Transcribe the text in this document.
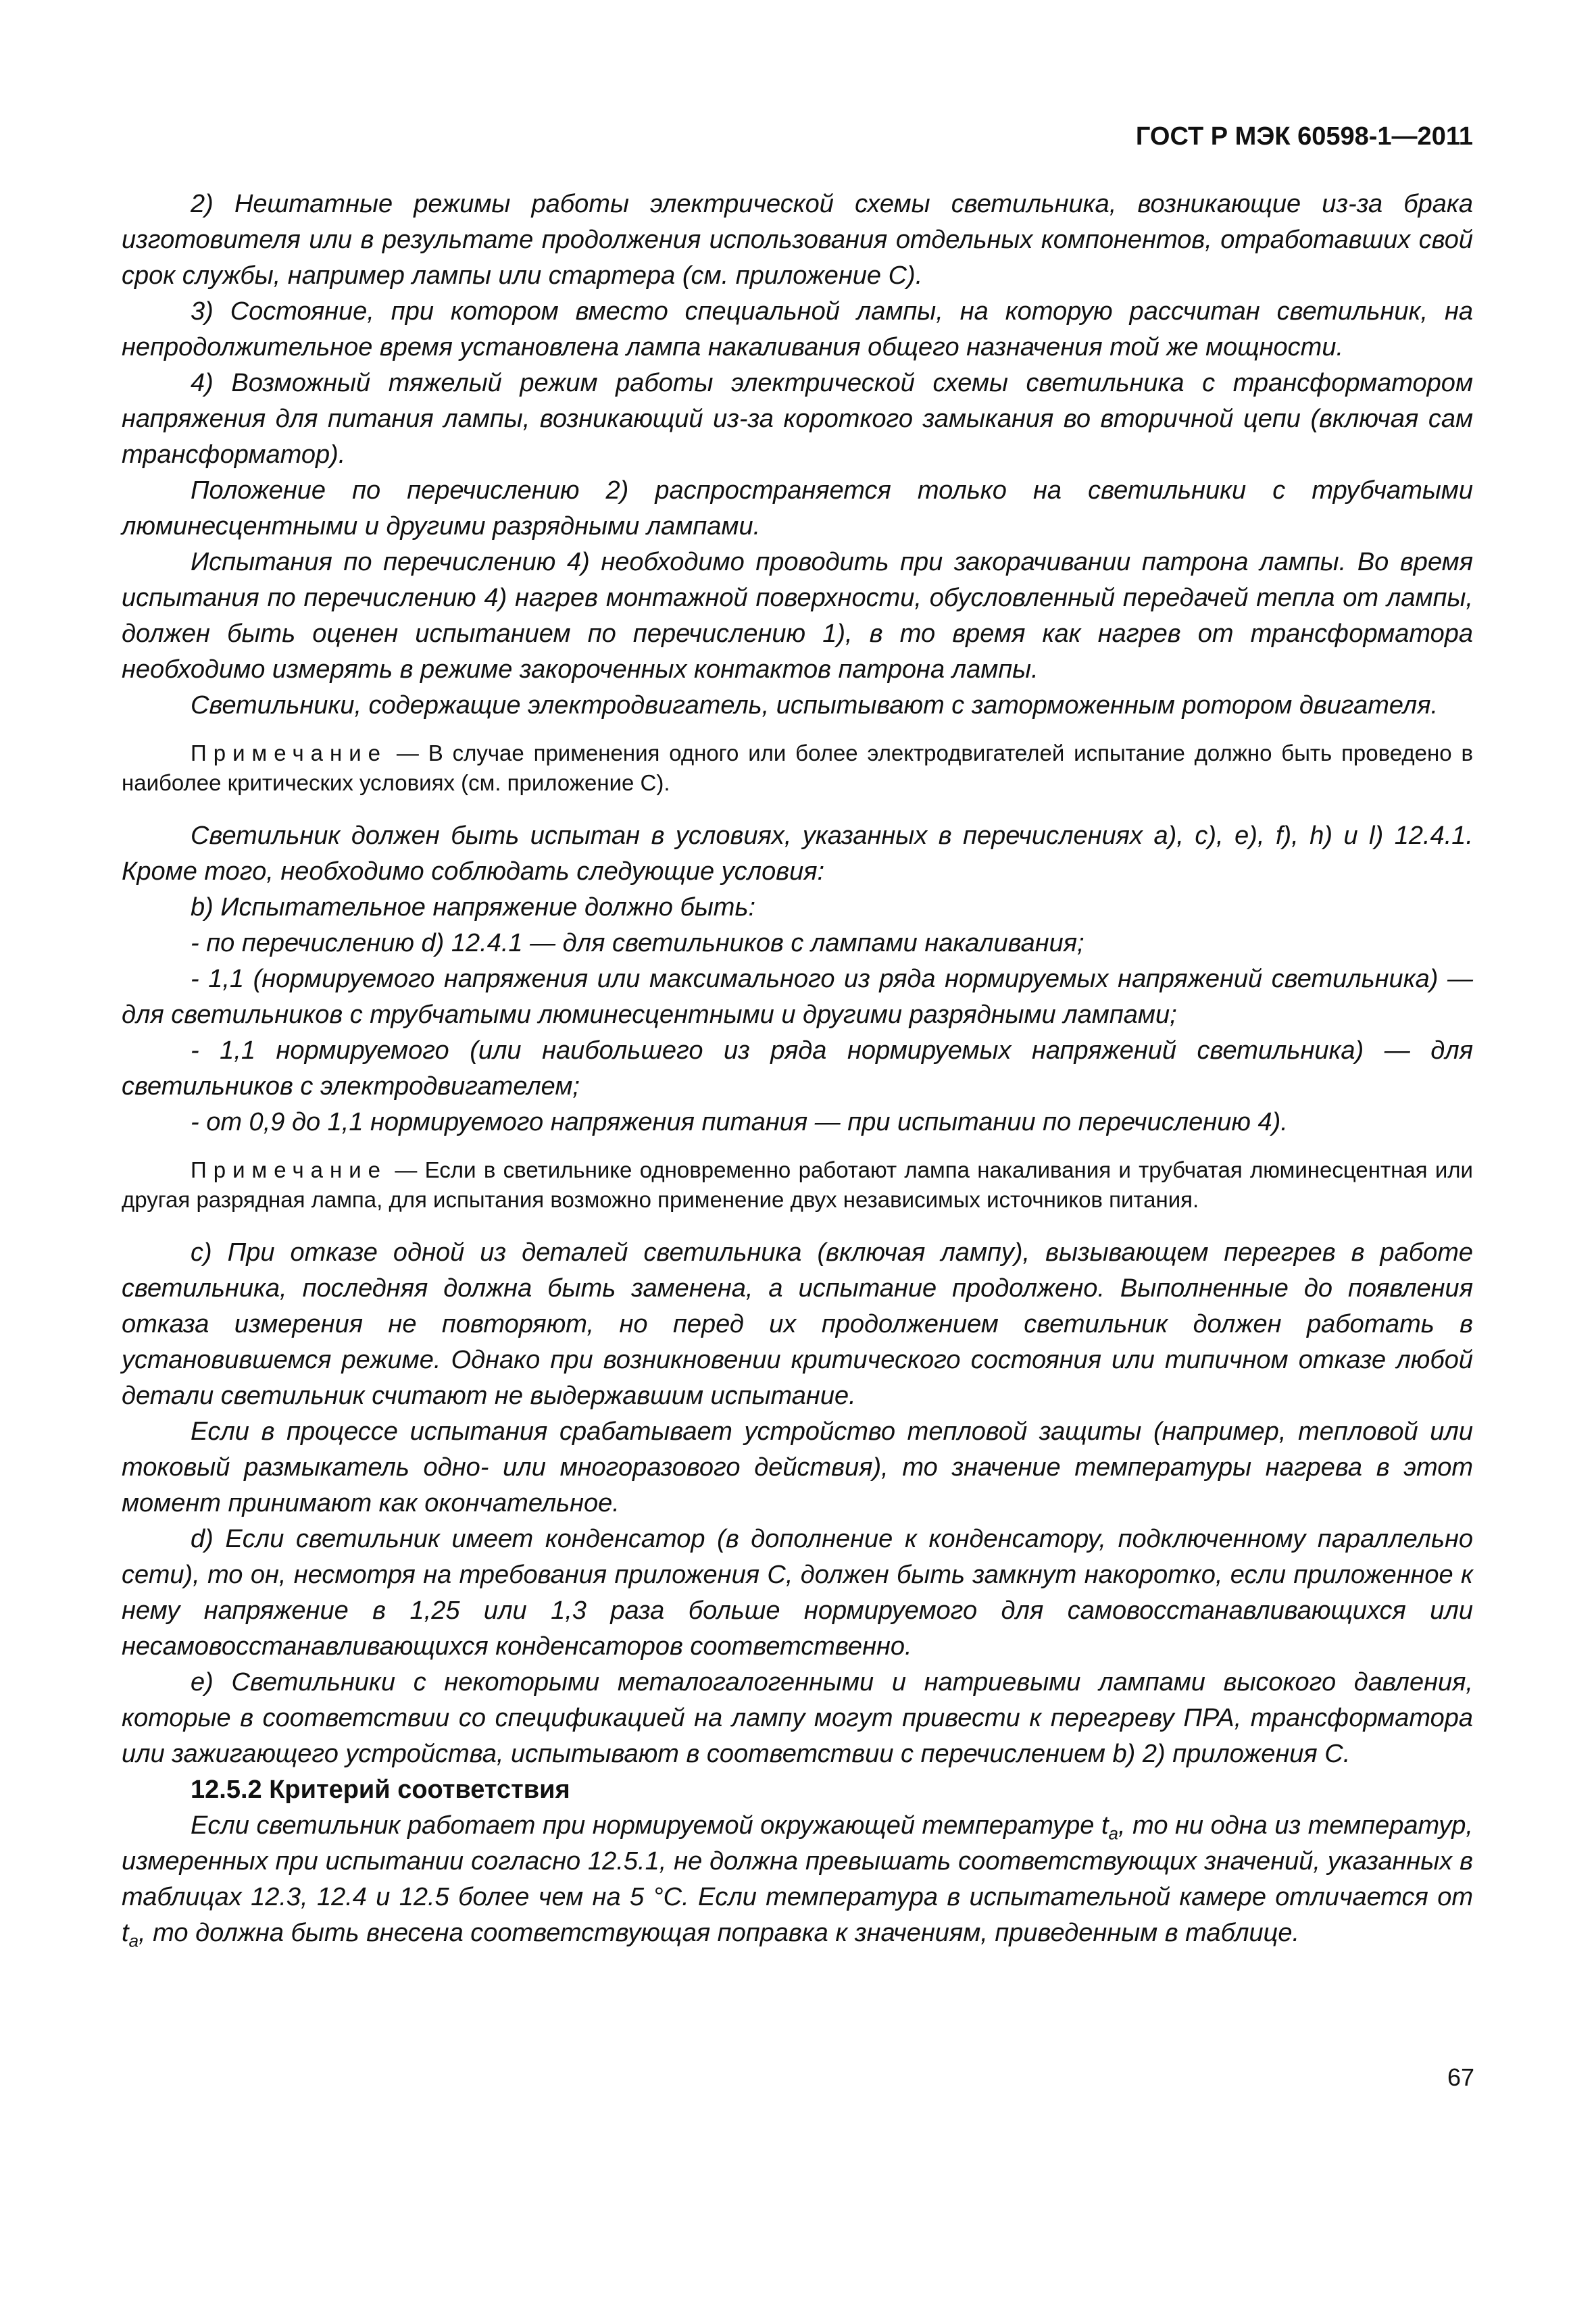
ГОСТ Р МЭК 60598-1—2011

2) Нештатные режимы работы электрической схемы светильника, возникающие из-за брака изготовителя или в результате продолжения использования отдельных компонентов, отработавших свой срок службы, например лампы или стартера (см. приложение С).

3) Состояние, при котором вместо специальной лампы, на которую рассчитан светильник, на непродолжительное время установлена лампа накаливания общего назначения той же мощности.

4) Возможный тяжелый режим работы электрической схемы светильника с трансформатором напряжения для питания лампы, возникающий из-за короткого замыкания во вторичной цепи (включая сам трансформатор).

Положение по перечислению 2) распространяется только на светильники с трубчатыми люминесцентными и другими разрядными лампами.

Испытания по перечислению 4) необходимо проводить при закорачивании патрона лампы. Во время испытания по перечислению 4) нагрев монтажной поверхности, обусловленный передачей тепла от лампы, должен быть оценен испытанием по перечислению 1), в то время как нагрев от трансформатора необходимо измерять в режиме закороченных контактов патрона лампы.

Светильники, содержащие электродвигатель, испытывают с заторможенным ротором двигателя.

Примечание — В случае применения одного или более электродвигателей испытание должно быть проведено в наиболее критических условиях (см. приложение С).

Светильник должен быть испытан в условиях, указанных в перечислениях а), с), е), f), h) и l) 12.4.1. Кроме того, необходимо соблюдать следующие условия:

b) Испытательное напряжение должно быть:

- по перечислению d) 12.4.1 — для светильников с лампами накаливания;

- 1,1 (нормируемого напряжения или максимального из ряда нормируемых напряжений светильника) — для светильников с трубчатыми люминесцентными и другими разрядными лампами;

- 1,1 нормируемого (или наибольшего из ряда нормируемых напряжений светильника) — для светильников с электродвигателем;

- от 0,9 до 1,1 нормируемого напряжения питания — при испытании по перечислению 4).

Примечание — Если в светильнике одновременно работают лампа накаливания и трубчатая люминесцентная или другая разрядная лампа, для испытания возможно применение двух независимых источников питания.

с) При отказе одной из деталей светильника (включая лампу), вызывающем перегрев в работе светильника, последняя должна быть заменена, а испытание продолжено. Выполненные до появления отказа измерения не повторяют, но перед их продолжением светильник должен работать в установившемся режиме. Однако при возникновении критического состояния или типичном отказе любой детали светильник считают не выдержавшим испытание.

Если в процессе испытания срабатывает устройство тепловой защиты (например, тепловой или токовый размыкатель одно- или многоразового действия), то значение температуры нагрева в этот момент принимают как окончательное.

d) Если светильник имеет конденсатор (в дополнение к конденсатору, подключенному параллельно сети), то он, несмотря на требования приложения С, должен быть замкнут накоротко, если приложенное к нему напряжение в 1,25 или 1,3 раза больше нормируемого для самовосстанавливающихся или несамовосстанавливающихся конденсаторов соответственно.

е) Светильники с некоторыми металогалогенными и натриевыми лампами высокого давления, которые в соответствии со спецификацией на лампу могут привести к перегреву ПРА, трансформатора или зажигающего устройства, испытывают в соответствии с перечислением b) 2) приложения С.

12.5.2 Критерий соответствия

Если светильник работает при нормируемой окружающей температуре $t_a$, то ни одна из температур, измеренных при испытании согласно 12.5.1, не должна превышать соответствующих значений, указанных в таблицах 12.3, 12.4 и 12.5 более чем на 5 °С. Если температура в испытательной камере отличается от $t_a$, то должна быть внесена соответствующая поправка к значениям, приведенным в таблице.

67
